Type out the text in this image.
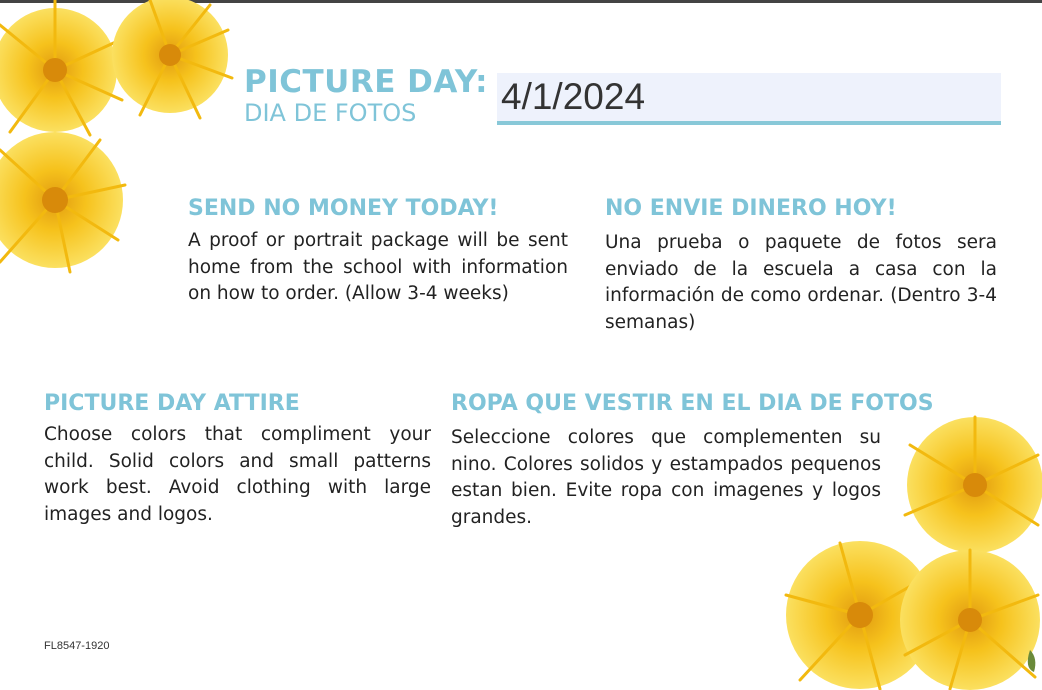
PICTURE DAY:
DIA DE FOTOS
4/1/2024
SEND NO MONEY TODAY!

A proof or portrait package will be sent home from the school with information on how to order. (Allow 3-4 weeks)

NO ENVIE DINERO HOY!

Una prueba o paquete de fotos sera enviado de la escuela a casa con la información de como ordenar. (Dentro 3-4 semanas)

PICTURE DAY ATTIRE

Choose colors that compliment your child. Solid colors and small patterns work best. Avoid clothing with large images and logos.

ROPA QUE VESTIR EN EL DIA DE FOTOS

Seleccione colores que complementen su nino. Colores solidos y estampados pequenos estan bien. Evite ropa con imagenes y logos grandes.

FL8547-1920
